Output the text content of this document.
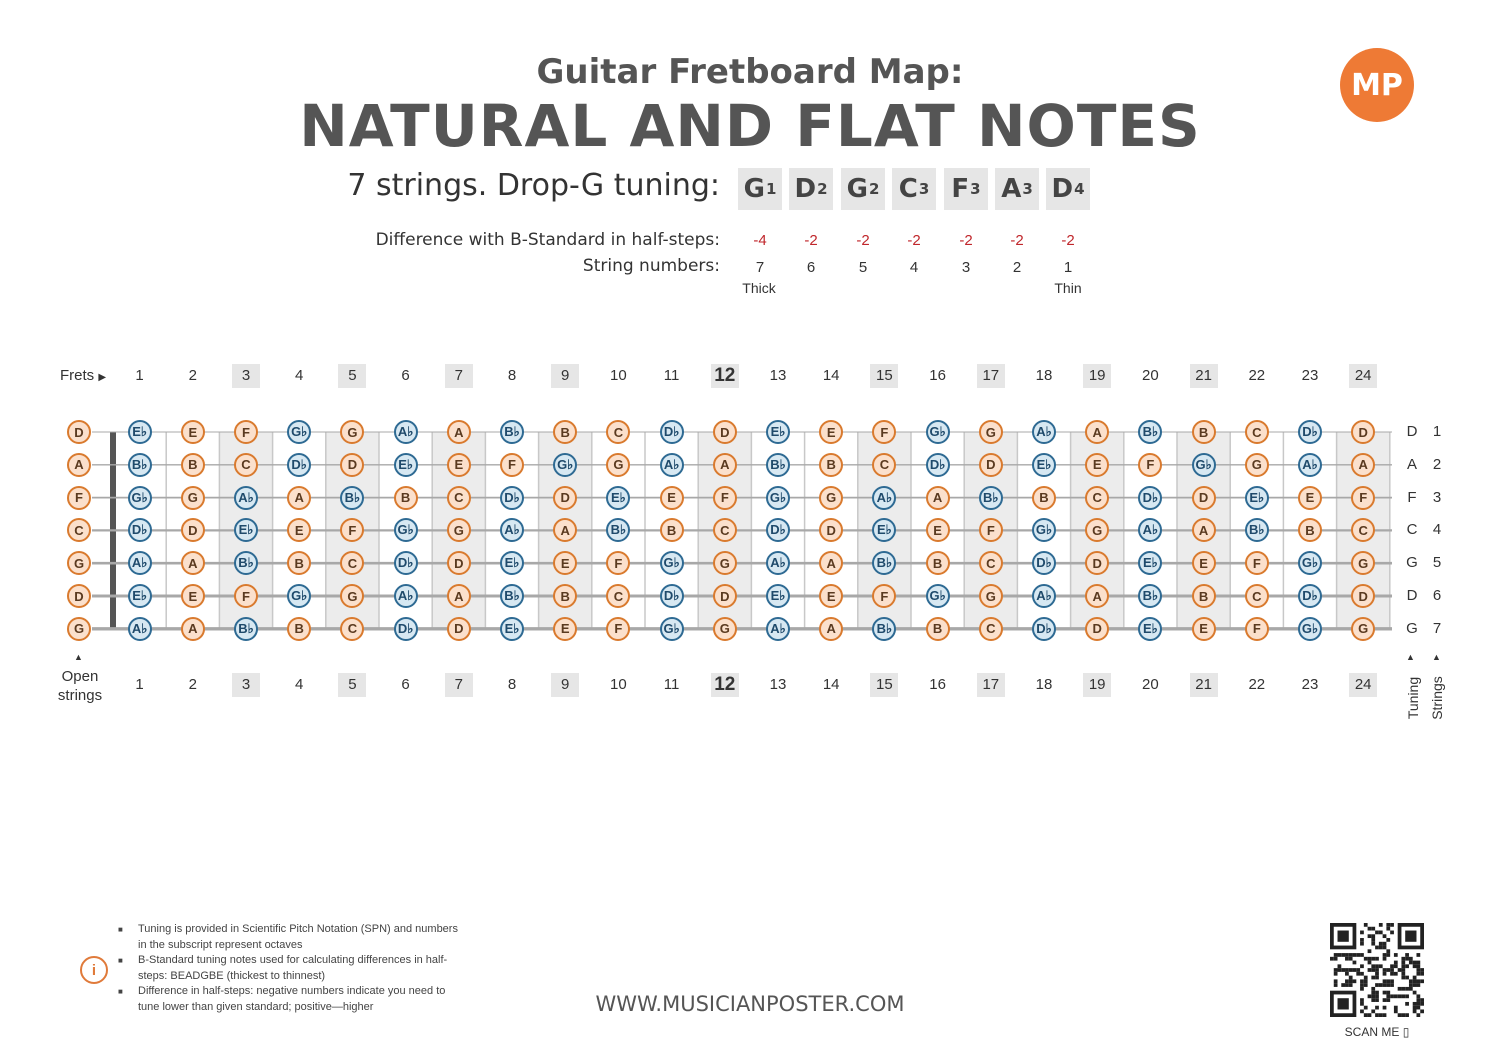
Guitar Fretboard Map:
NATURAL AND FLAT NOTES
MP
7 strings. Drop-G tuning: G 1 D 2 G 2 C 3 F 3 A 3 D 4
Difference with B-Standard in half-steps:
String numbers:
-4	-2	-2	-2	-2	-2	-2
7	6	5	4	3	2	1
Thick	Thin
Frets ▶	1	2	3	4	5	6	7	8	9	10	11	12	13	14	15	16	17	18	19	20	21	22	23	24
1	2	3	4	5	6	7	8	9	10	11	12	13	14	15	16	17	18	19	20	21	22	23	24
D	E♭	E	F	G♭	G	A♭	A	B♭	B	C	D♭	D	E♭	E	F	G♭	G	A♭	A	B♭	B	C	D♭	D	D	1
A	B♭	B	C	D♭	D	E♭	E	F	G♭	G	A♭	A	B♭	B	C	D♭	D	E♭	E	F	G♭	G	A♭	A	A	2
F	G♭	G	A♭	A	B♭	B	C	D♭	D	E♭	E	F	G♭	G	A♭	A	B♭	B	C	D♭	D	E♭	E	F	F	3
C	D♭	D	E♭	E	F	G♭	G	A♭	A	B♭	B	C	D♭	D	E♭	E	F	G♭	G	A♭	A	B♭	B	C	C	4
G	A♭	A	B♭	B	C	D♭	D	E♭	E	F	G♭	G	A♭	A	B♭	B	C	D♭	D	E♭	E	F	G♭	G	G	5
D	E♭	E	F	G♭	G	A♭	A	B♭	B	C	D♭	D	E♭	E	F	G♭	G	A♭	A	B♭	B	C	D♭	D	D	6
G	A♭	A	B♭	B	C	D♭	D	E♭	E	F	G♭	G	A♭	A	B♭	B	C	D♭	D	E♭	E	F	G♭	G	G	7
▲
Open
strings
▲ ▲
Tuning Strings
i
■ Tuning is provided in Scientific Pitch Notation (SPN) and numbers in the subscript represent octaves
■ B-Standard tuning notes used for calculating differences in half-steps: BEADGBE (thickest to thinnest)
■ Difference in half-steps: negative numbers indicate you need to tune lower than given standard; positive—higher	WWW.MUSICIANPOSTER.COM
SCAN ME ▯
